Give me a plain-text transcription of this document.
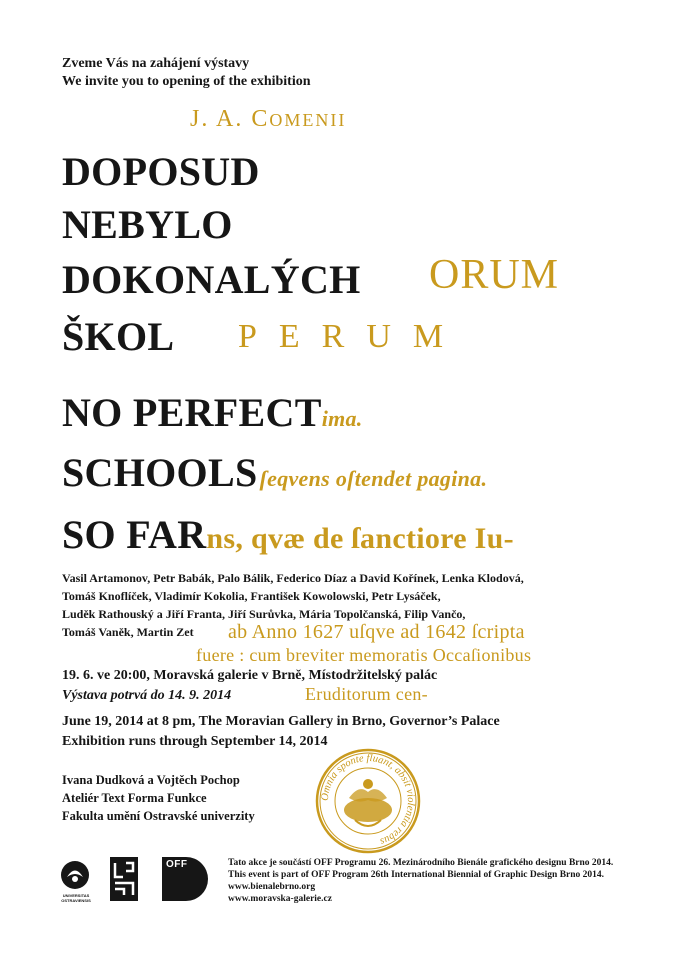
Zveme Vás na zahájení výstavy
We invite you to opening of the exhibition
J. A. COMENII
DOPOSUD
NEBYLO
DOKONALÝCH
ŠKOL
ORUM
PERUM
NO PERFECTima.
SCHOOLSſeqvens oſtendet pagina.
SO FARns, qvæ de ſanctiore Iu-
Vasil Artamonov, Petr Babák, Palo Bálik, Federico Díaz a David Kořínek, Lenka Klodová,
Tomáš Knoflíček, Vladimír Kokolia, František Kowolowski, Petr Lysáček,
Luděk Rathouský a Jiří Franta, Jiří Surůvka, Mária Topolčanská, Filip Vančo,
Tomáš Vaněk, Martin Zet ab Anno 1627 uſqve ad 1642 ſcripta
fuere : cum breviter memoratis Occaſionibus
Eruditorum cen-
19. 6. ve 20:00, Moravská galerie v Brně, Místodržitelský palác
Výstava potrvá do 14. 9. 2014
June 19, 2014 at 8 pm, The Moravian Gallery in Brno, Governor’s Palace
Exhibition runs through September 14, 2014
Ivana Dudková a Vojtěch Pochop
Ateliér Text Forma Funkce
Fakulta umění Ostravské univerzity
Omnia sponte fluant, absit violentia rebus
UNIVERSITAS OSTRAVIENSIS
OFF	Tato akce je součástí OFF Programu 26. Mezinárodního Bienále grafického designu Brno 2014.
This event is part of OFF Program 26th International Biennial of Graphic Design Brno 2014.
www.bienalebrno.org
www.moravska-galerie.cz
